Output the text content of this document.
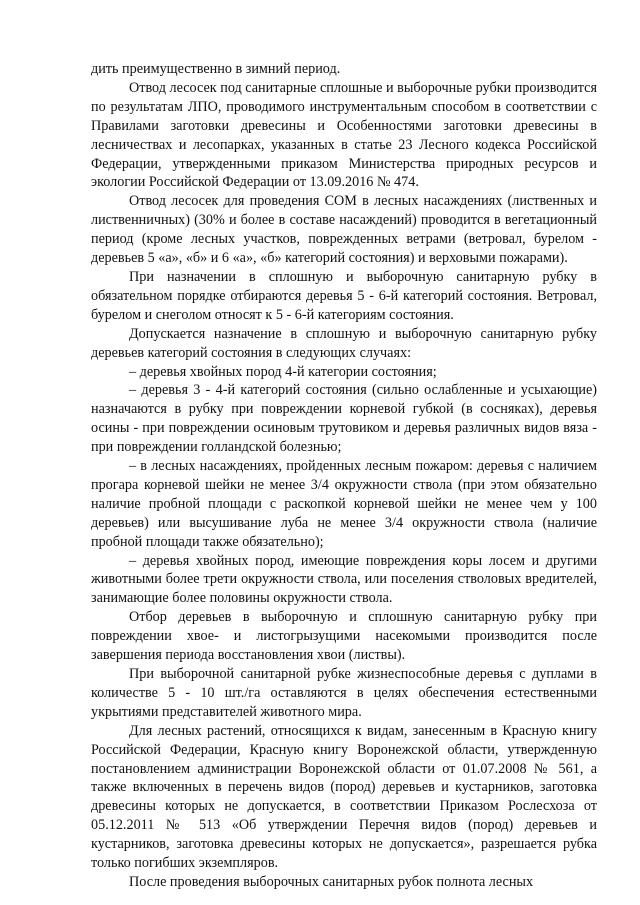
дить преимущественно в зимний период.

Отвод лесосек под санитарные сплошные и выборочные рубки производится по результатам ЛПО, проводимого инструментальным способом в соответствии с Правилами заготовки древесины и Особенностями заготовки древесины в лесничествах и лесопарках, указанных в статье 23 Лесного кодекса Российской Федерации, утвержденными приказом Министерства природных ресурсов и экологии Российской Федерации от 13.09.2016 № 474.

Отвод лесосек для проведения СОМ в лесных насаждениях (лиственных и лиственничных) (30% и более в составе насаждений) проводится в вегетационный период (кроме лесных участков, поврежденных ветрами (ветровал, бурелом - деревьев 5 «а», «б» и 6 «а», «б» категорий состояния) и верховыми пожарами).

При назначении в сплошную и выборочную санитарную рубку в обязательном порядке отбираются деревья 5 - 6-й категорий состояния. Ветровал, бурелом и снеголом относят к 5 - 6-й категориям состояния.

Допускается назначение в сплошную и выборочную санитарную рубку деревьев категорий состояния в следующих случаях:

– деревья хвойных пород 4-й категории состояния;

– деревья 3 - 4-й категорий состояния (сильно ослабленные и усыхающие) назначаются в рубку при повреждении корневой губкой (в сосняках), деревья осины - при повреждении осиновым трутовиком и деревья различных видов вяза - при повреждении голландской болезнью;

– в лесных насаждениях, пройденных лесным пожаром: деревья с наличием прогара корневой шейки не менее 3/4 окружности ствола (при этом обязательно наличие пробной площади с раскопкой корневой шейки не менее чем у 100 деревьев) или высушивание луба не менее 3/4 окружности ствола (наличие пробной площади также обязательно);

– деревья хвойных пород, имеющие повреждения коры лосем и другими животными более трети окружности ствола, или поселения стволовых вредителей, занимающие более половины окружности ствола.

Отбор деревьев в выборочную и сплошную санитарную рубку при повреждении хвое- и листогрызущими насекомыми производится после завершения периода восстановления хвои (листвы).

При выборочной санитарной рубке жизнеспособные деревья с дуплами в количестве 5 - 10 шт./га оставляются в целях обеспечения естественными укрытиями представителей животного мира.

Для лесных растений, относящихся к видам, занесенным в Красную книгу Российской Федерации, Красную книгу Воронежской области, утвержденную постановлением администрации Воронежской области от 01.07.2008 № 561, а также включенных в перечень видов (пород) деревьев и кустарников, заготовка древесины которых не допускается, в соответствии Приказом Рослесхоза от 05.12.2011 № 513 «Об утверждении Перечня видов (пород) деревьев и кустарников, заготовка древесины которых не допускается», разрешается рубка только погибших экземпляров.

После проведения выборочных санитарных рубок полнота лесных
